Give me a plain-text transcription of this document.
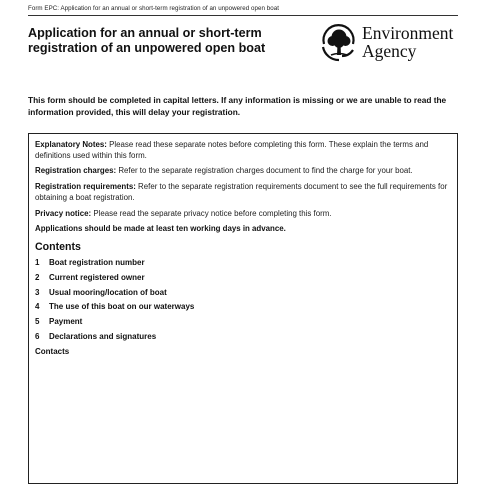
Form EPC: Application for an annual or short-term registration of an unpowered open boat
Application for an annual or short-term
registration of an unpowered open boat
Environment
Agency

This form should be completed in capital letters. If any information is missing or we are unable to read the information provided, this will delay your registration.

Explanatory Notes: Please read these separate notes before completing this form. These explain the terms and definitions used within this form.

Registration charges: Refer to the separate registration charges document to find the charge for your boat.

Registration requirements: Refer to the separate registration requirements document to see the full requirements for obtaining a boat registration.

Privacy notice: Please read the separate privacy notice before completing this form.

Applications should be made at least ten working days in advance.

Contents
1	Boat registration number
2	Current registered owner
3	Usual mooring/location of boat
4	The use of this boat on our waterways
5	Payment
6	Declarations and signatures
Contacts
